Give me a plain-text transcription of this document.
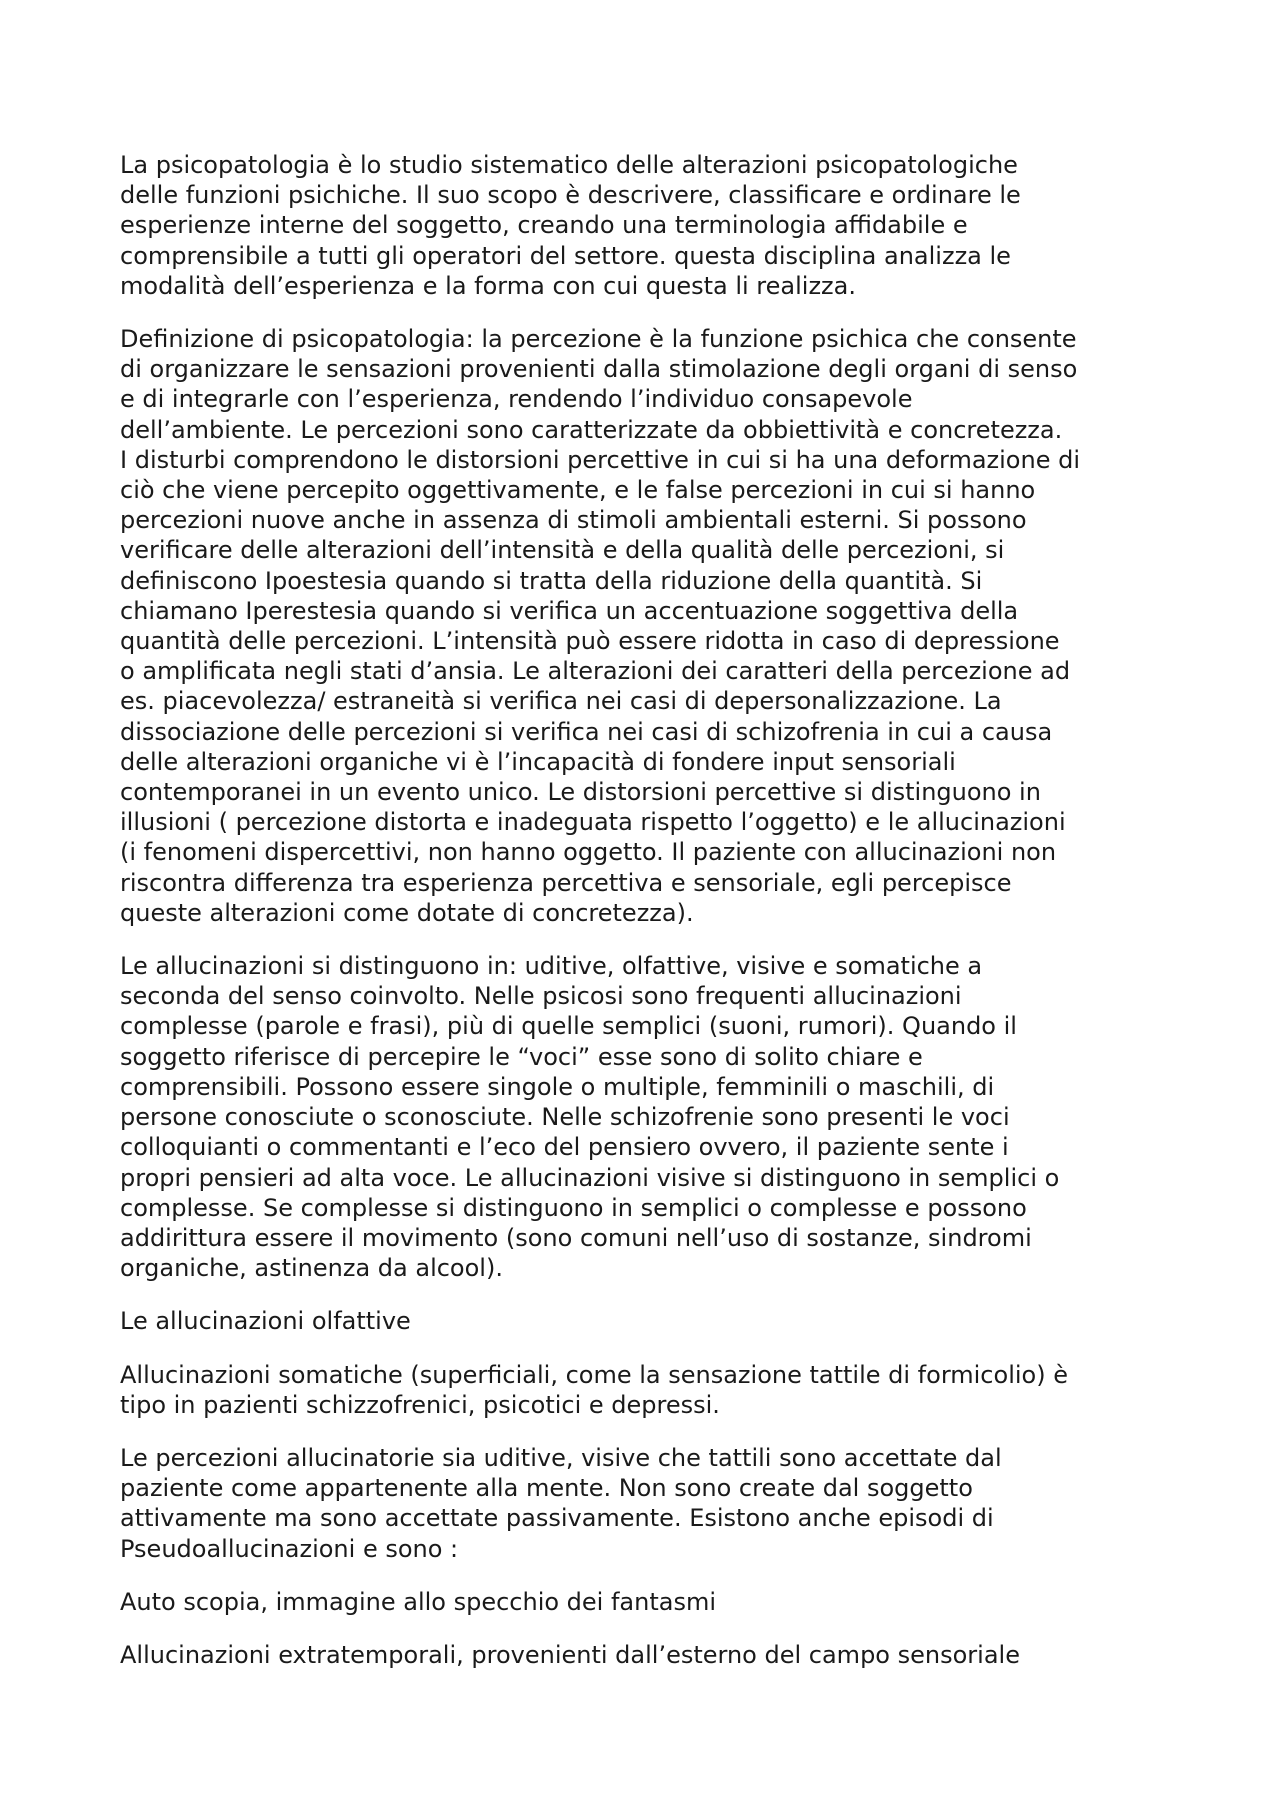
La psicopatologia è lo studio sistematico delle alterazioni psicopatologiche
delle funzioni psichiche. Il suo scopo è descrivere, classificare e ordinare le
esperienze interne del soggetto, creando una terminologia affidabile e
comprensibile a tutti gli operatori del settore. questa disciplina analizza le
modalità dell’esperienza e la forma con cui questa li realizza.

Definizione di psicopatologia: la percezione è la funzione psichica che consente
di organizzare le sensazioni provenienti dalla stimolazione degli organi di senso
e di integrarle con l’esperienza, rendendo l’individuo consapevole
dell’ambiente. Le percezioni sono caratterizzate da obbiettività e concretezza.
I disturbi comprendono le distorsioni percettive in cui si ha una deformazione di
ciò che viene percepito oggettivamente, e le false percezioni in cui si hanno
percezioni nuove anche in assenza di stimoli ambientali esterni. Si possono
verificare delle alterazioni dell’intensità e della qualità delle percezioni, si
definiscono Ipoestesia quando si tratta della riduzione della quantità. Si
chiamano Iperestesia quando si verifica un accentuazione soggettiva della
quantità delle percezioni. L’intensità può essere ridotta in caso di depressione
o amplificata negli stati d’ansia. Le alterazioni dei caratteri della percezione ad
es. piacevolezza/ estraneità si verifica nei casi di depersonalizzazione. La
dissociazione delle percezioni si verifica nei casi di schizofrenia in cui a causa
delle alterazioni organiche vi è l’incapacità di fondere input sensoriali
contemporanei in un evento unico. Le distorsioni percettive si distinguono in
illusioni ( percezione distorta e inadeguata rispetto l’oggetto) e le allucinazioni
(i fenomeni dispercettivi, non hanno oggetto. Il paziente con allucinazioni non
riscontra differenza tra esperienza percettiva e sensoriale, egli percepisce
queste alterazioni come dotate di concretezza).

Le allucinazioni si distinguono in: uditive, olfattive, visive e somatiche a
seconda del senso coinvolto. Nelle psicosi sono frequenti allucinazioni
complesse (parole e frasi), più di quelle semplici (suoni, rumori). Quando il
soggetto riferisce di percepire le “voci” esse sono di solito chiare e
comprensibili. Possono essere singole o multiple, femminili o maschili, di
persone conosciute o sconosciute. Nelle schizofrenie sono presenti le voci
colloquianti o commentanti e l’eco del pensiero ovvero, il paziente sente i
propri pensieri ad alta voce. Le allucinazioni visive si distinguono in semplici o
complesse. Se complesse si distinguono in semplici o complesse e possono
addirittura essere il movimento (sono comuni nell’uso di sostanze, sindromi
organiche, astinenza da alcool).

Le allucinazioni olfattive

Allucinazioni somatiche (superficiali, come la sensazione tattile di formicolio) è
tipo in pazienti schizzofrenici, psicotici e depressi.

Le percezioni allucinatorie sia uditive, visive che tattili sono accettate dal
paziente come appartenente alla mente. Non sono create dal soggetto
attivamente ma sono accettate passivamente. Esistono anche episodi di
Pseudoallucinazioni e sono :

Auto scopia, immagine allo specchio dei fantasmi

Allucinazioni extratemporali, provenienti dall’esterno del campo sensoriale
